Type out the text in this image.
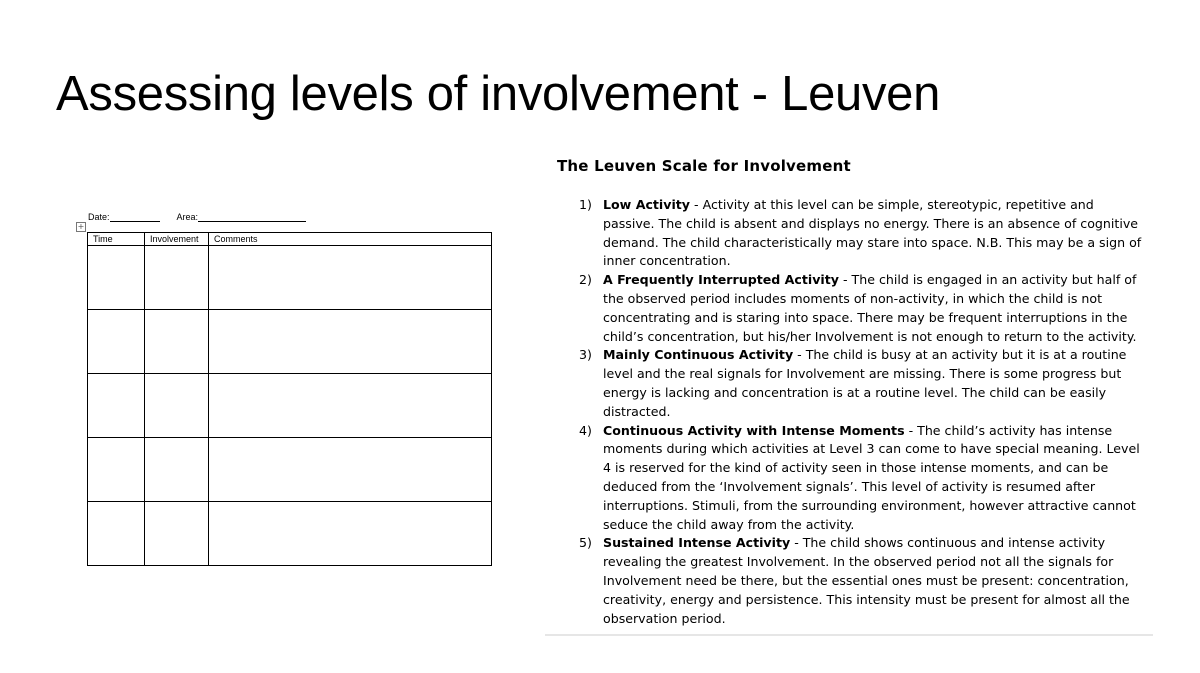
Assessing levels of involvement - Leuven
+
Date:	Area:
Time	Involvement	Comments

The Leuven Scale for Involvement
1) Low Activity - Activity at this level can be simple, stereotypic, repetitive and passive. The child is absent and displays no energy. There is an absence of cognitive demand. The child characteristically may stare into space. N.B. This may be a sign of inner concentration.
2) A Frequently Interrupted Activity - The child is engaged in an activity but half of the observed period includes moments of non-activity, in which the child is not concentrating and is staring into space. There may be frequent interruptions in the child’s concentration, but his/her Involvement is not enough to return to the activity.
3) Mainly Continuous Activity - The child is busy at an activity but it is at a routine level and the real signals for Involvement are missing. There is some progress but energy is lacking and concentration is at a routine level. The child can be easily distracted.
4) Continuous Activity with Intense Moments - The child’s activity has intense moments during which activities at Level 3 can come to have special meaning. Level 4 is reserved for the kind of activity seen in those intense moments, and can be deduced from the ‘Involvement signals’. This level of activity is resumed after interruptions. Stimuli, from the surrounding environment, however attractive cannot seduce the child away from the activity.
5) Sustained Intense Activity - The child shows continuous and intense activity revealing the greatest Involvement. In the observed period not all the signals for Involvement need be there, but the essential ones must be present: concentration, creativity, energy and persistence. This intensity must be present for almost all the observation period.
